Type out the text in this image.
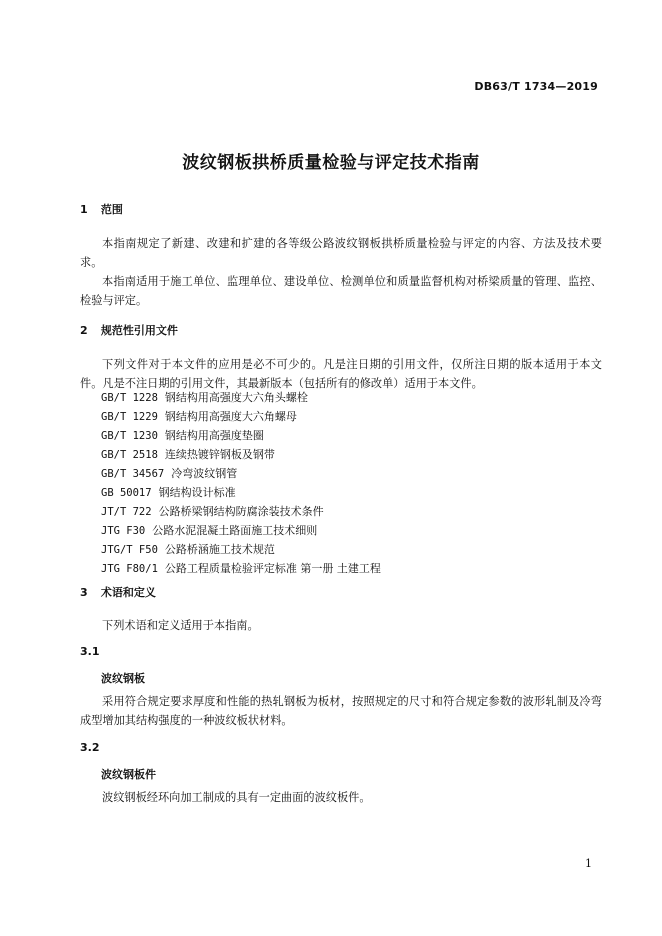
DB63/T 1734—2019
波纹钢板拱桥质量检验与评定技术指南
1 范围

本指南规定了新建、改建和扩建的各等级公路波纹钢板拱桥质量检验与评定的内容、方法及技术要求。

本指南适用于施工单位、监理单位、建设单位、检测单位和质量监督机构对桥梁质量的管理、监控、检验与评定。

2 规范性引用文件

下列文件对于本文件的应用是必不可少的。凡是注日期的引用文件，仅所注日期的版本适用于本文件。凡是不注日期的引用文件，其最新版本（包括所有的修改单）适用于本文件。

GB/T 1228 钢结构用高强度大六角头螺栓
GB/T 1229 钢结构用高强度大六角螺母
GB/T 1230 钢结构用高强度垫圈
GB/T 2518 连续热镀锌钢板及钢带
GB/T 34567 冷弯波纹钢管
GB 50017 钢结构设计标准
JT/T 722 公路桥梁钢结构防腐涂装技术条件
JTG F30 公路水泥混凝土路面施工技术细则
JTG/T F50 公路桥涵施工技术规范
JTG F80/1 公路工程质量检验评定标准 第一册 土建工程
3 术语和定义

下列术语和定义适用于本指南。

3.1
波纹钢板

采用符合规定要求厚度和性能的热轧钢板为板材，按照规定的尺寸和符合规定参数的波形轧制及冷弯成型增加其结构强度的一种波纹板状材料。

3.2
波纹钢板件

波纹钢板经环向加工制成的具有一定曲面的波纹板件。

1
